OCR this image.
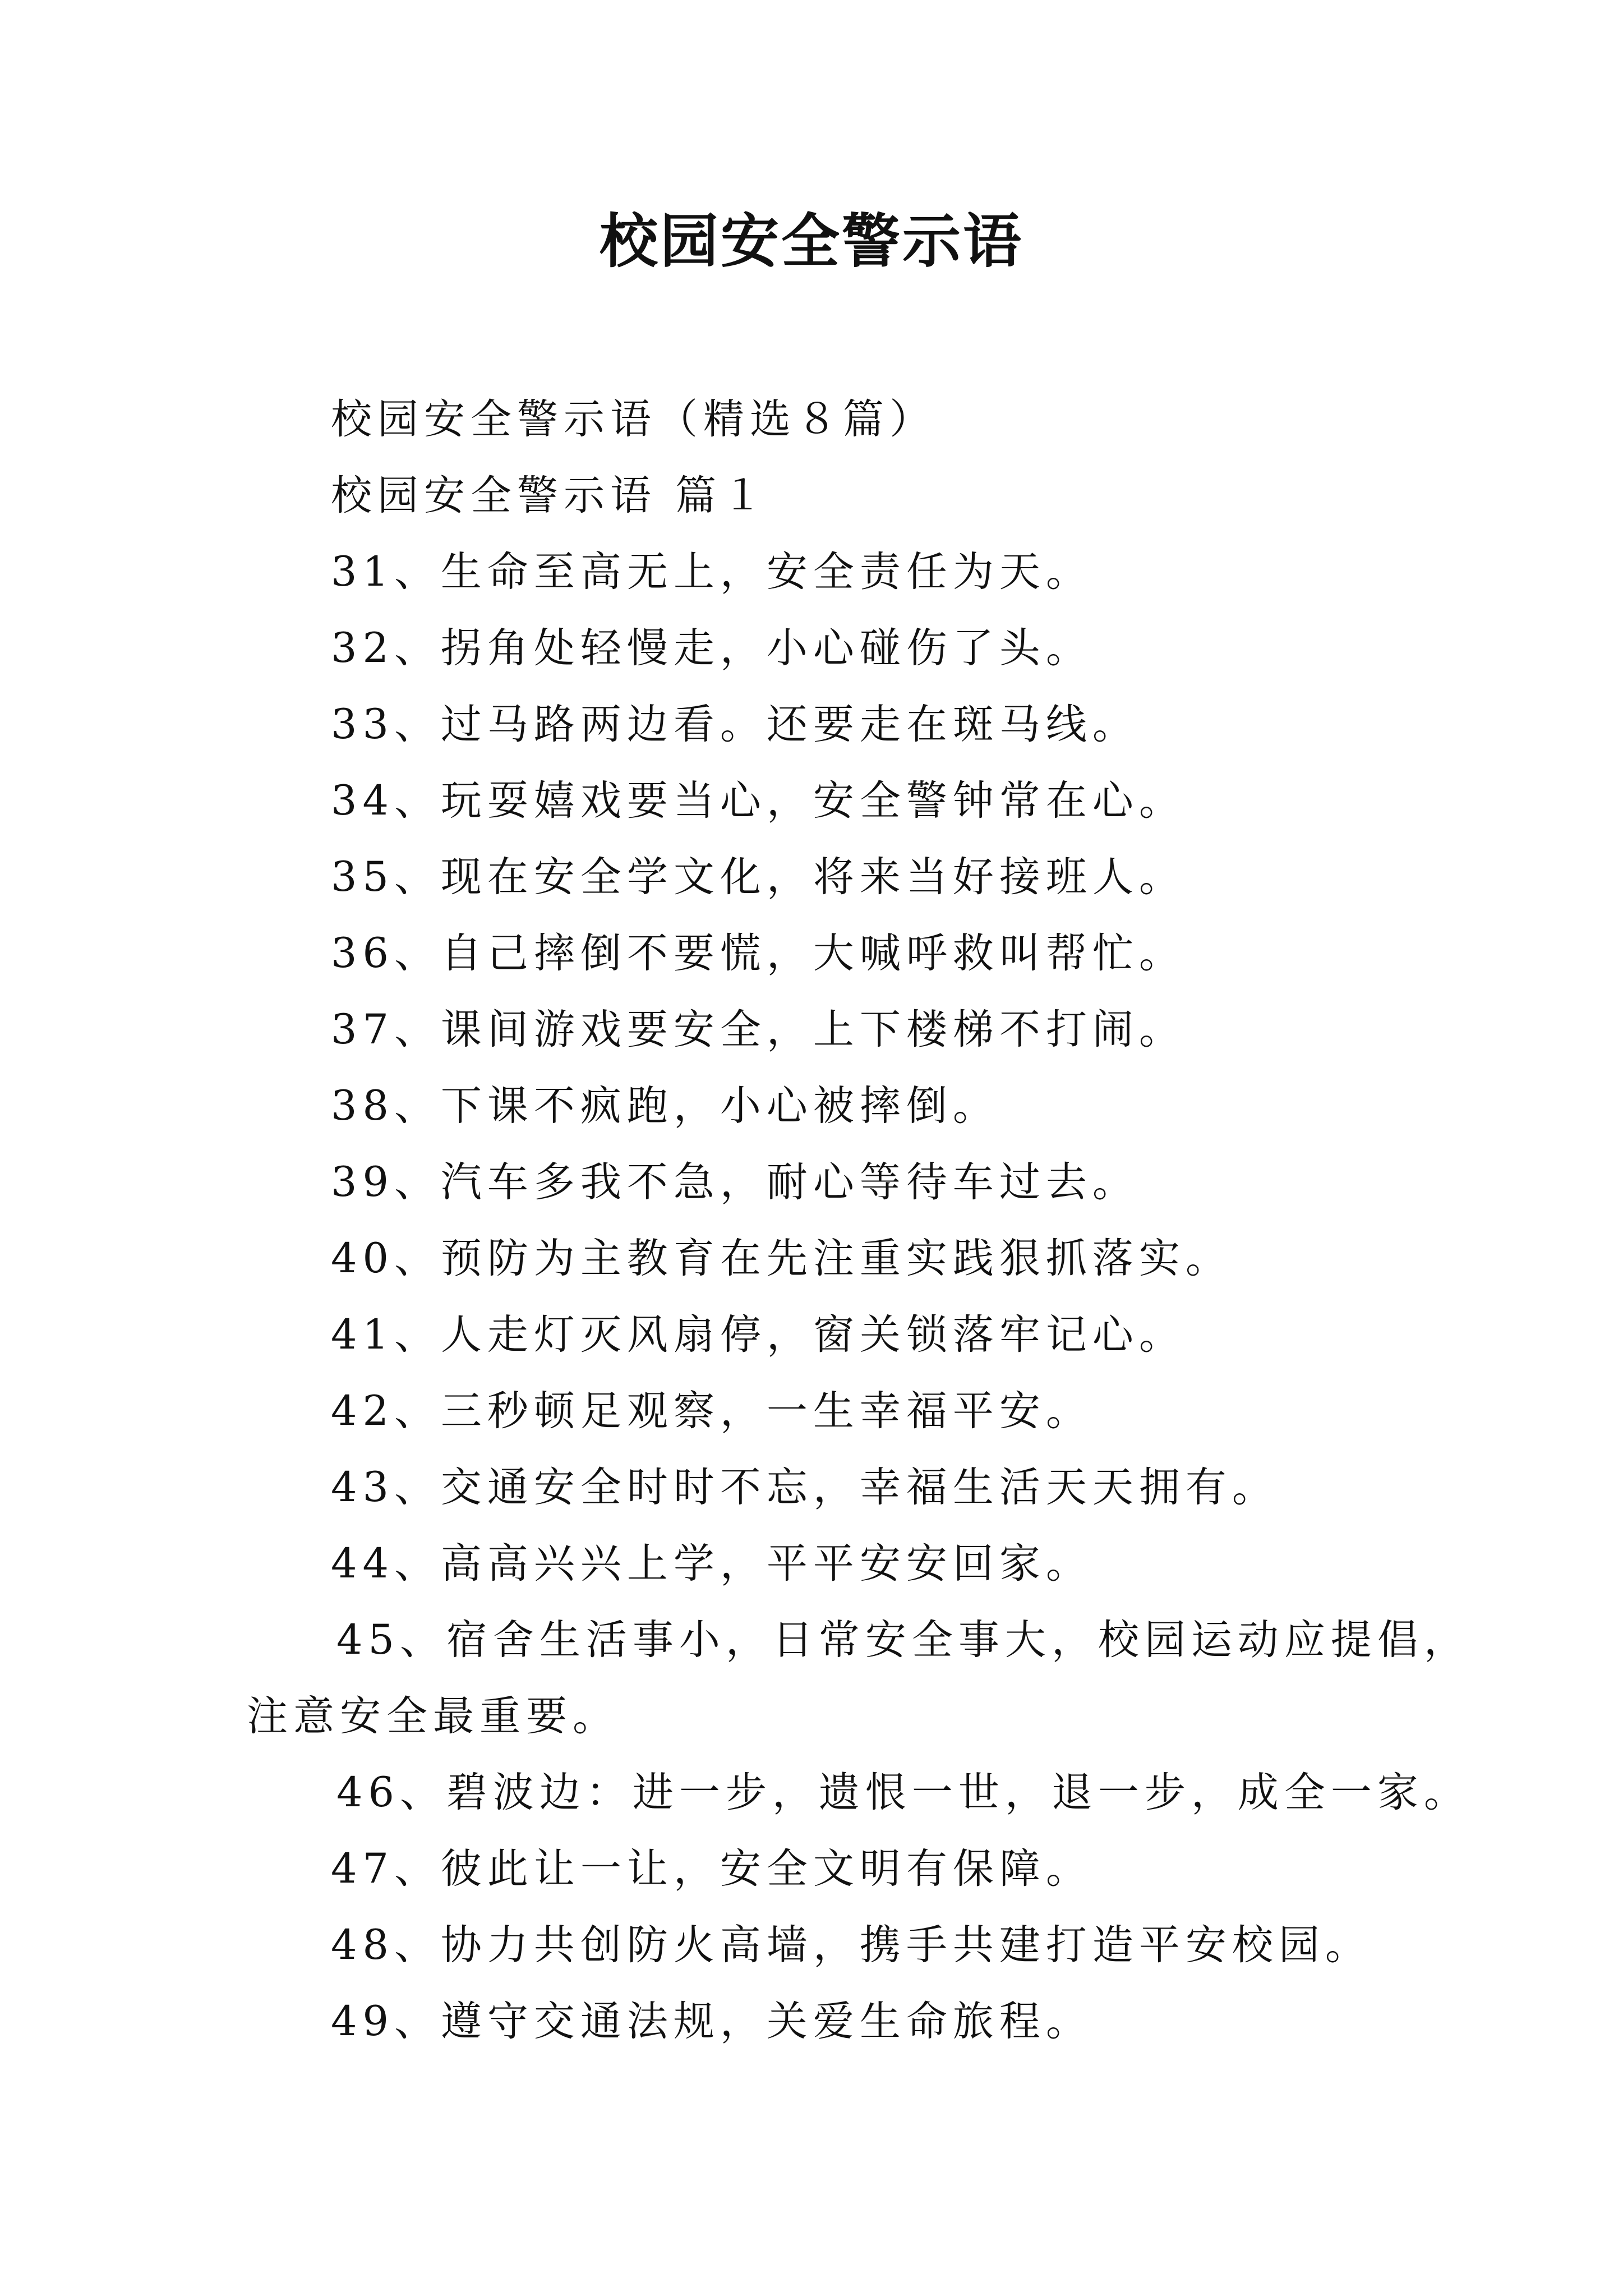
校园安全警示语

校园安全警示语（精选８篇）

校园安全警示语 篇１

31、生命至高无上，安全责任为天。

32、拐角处轻慢走，小心碰伤了头。

33、过马路两边看。还要走在斑马线。

34、玩耍嬉戏要当心，安全警钟常在心。

35、现在安全学文化，将来当好接班人。

36、自己摔倒不要慌，大喊呼救叫帮忙。

37、课间游戏要安全，上下楼梯不打闹。

38、下课不疯跑，小心被摔倒。

39、汽车多我不急，耐心等待车过去。

40、预防为主教育在先注重实践狠抓落实。

41、人走灯灭风扇停，窗关锁落牢记心。

42、三秒顿足观察，一生幸福平安。

43、交通安全时时不忘，幸福生活天天拥有。

44、高高兴兴上学，平平安安回家。

45、宿舍生活事小，日常安全事大，校园运动应提倡，

注意安全最重要。

46、碧波边：进一步，遗恨一世，退一步，成全一家。

47、彼此让一让，安全文明有保障。

48、协力共创防火高墙，携手共建打造平安校园。

49、遵守交通法规，关爱生命旅程。
